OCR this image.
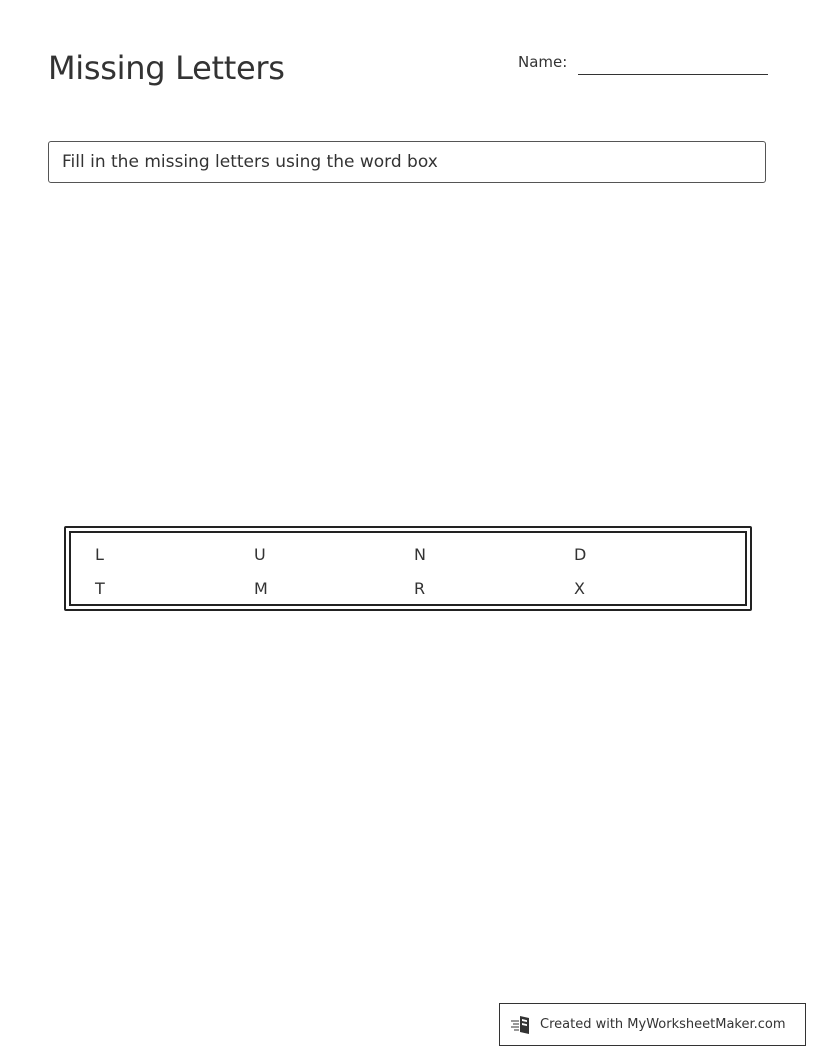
Missing Letters	Name:
Fill in the missing letters using the word box
L	U	N	D
T	M	R	X
Created with MyWorksheetMaker.com
